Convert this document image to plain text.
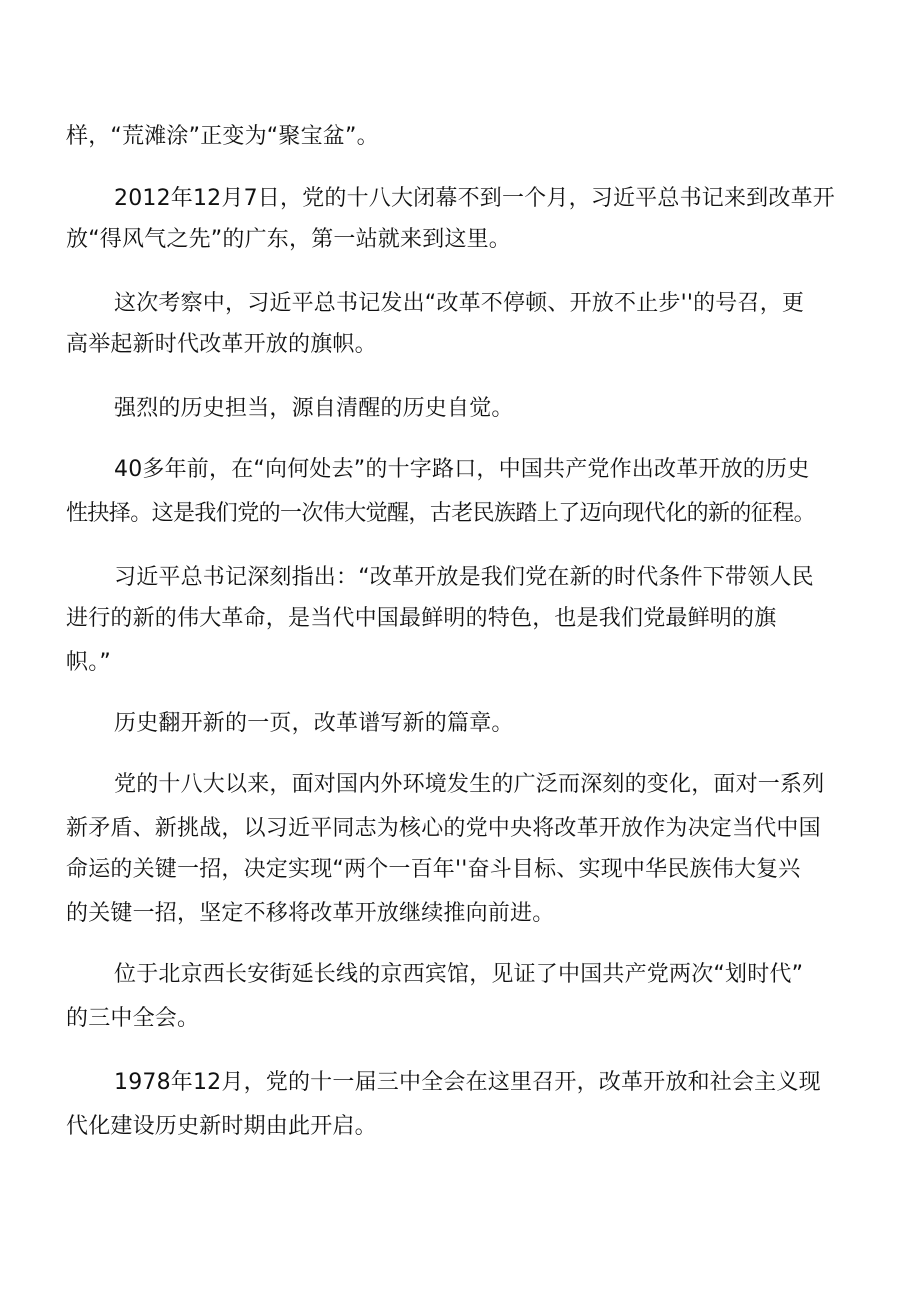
样，“荒滩涂”正变为“聚宝盆”。
2012年12月7日，党的十八大闭幕不到一个月，习近平总书记来到改革开
放“得风气之先”的广东，第一站就来到这里。
这次考察中，习近平总书记发出“改革不停顿、开放不止步''的号召，更
高举起新时代改革开放的旗帜。
强烈的历史担当，源自清醒的历史自觉。
40多年前，在“向何处去”的十字路口，中国共产党作出改革开放的历史
性抉择。这是我们党的一次伟大觉醒，古老民族踏上了迈向现代化的新的征程。
习近平总书记深刻指出：“改革开放是我们党在新的时代条件下带领人民
进行的新的伟大革命，是当代中国最鲜明的特色，也是我们党最鲜明的旗
帜。”
历史翻开新的一页，改革谱写新的篇章。
党的十八大以来，面对国内外环境发生的广泛而深刻的变化，面对一系列
新矛盾、新挑战，以习近平同志为核心的党中央将改革开放作为决定当代中国
命运的关键一招，决定实现“两个一百年''奋斗目标、实现中华民族伟大复兴
的关键一招，坚定不移将改革开放继续推向前进。
位于北京西长安街延长线的京西宾馆，见证了中国共产党两次“划时代”
的三中全会。
1978年12月，党的十一届三中全会在这里召开，改革开放和社会主义现
代化建设历史新时期由此开启。
